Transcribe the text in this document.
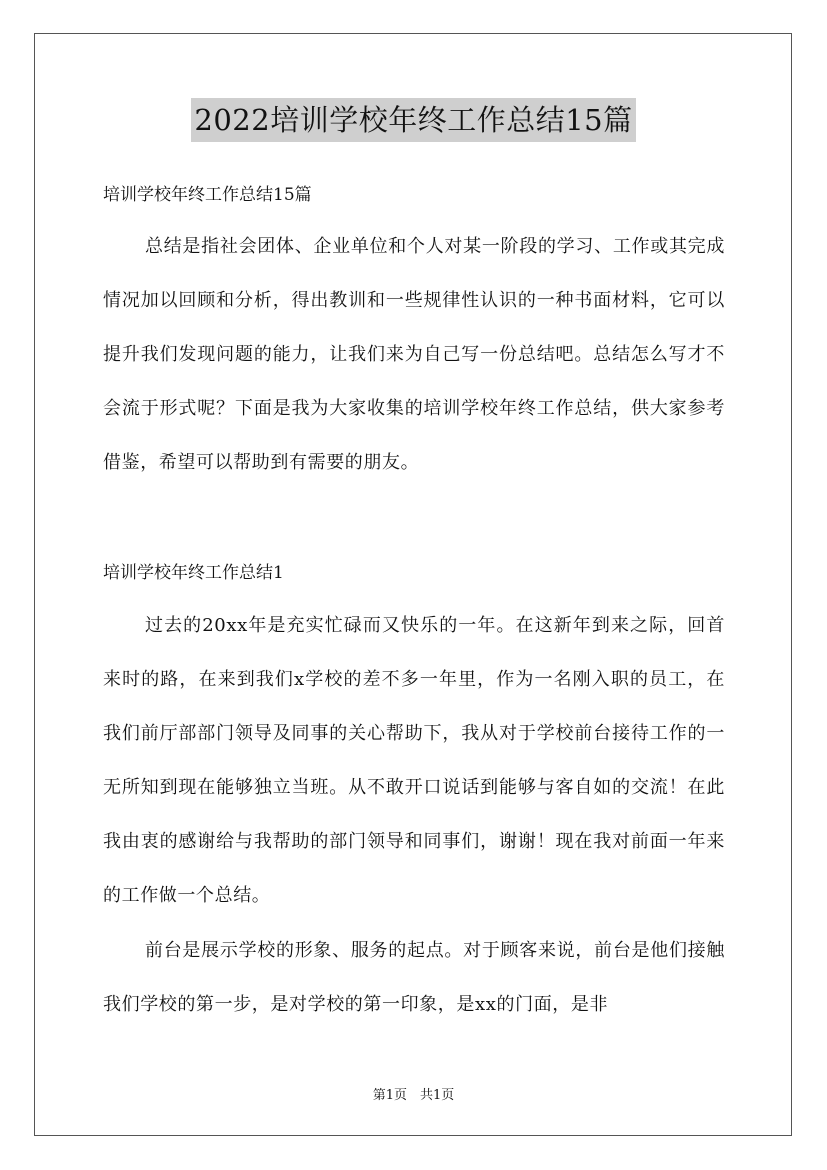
2022培训学校年终工作总结15篇
培训学校年终工作总结15篇

总结是指社会团体、企业单位和个人对某一阶段的学习、工作或其完成情况加以回顾和分析，得出教训和一些规律性认识的一种书面材料，它可以提升我们发现问题的能力，让我们来为自己写一份总结吧。总结怎么写才不会流于形式呢？下面是我为大家收集的培训学校年终工作总结，供大家参考借鉴，希望可以帮助到有需要的朋友。

培训学校年终工作总结1

过去的20xx年是充实忙碌而又快乐的一年。在这新年到来之际，回首来时的路，在来到我们x学校的差不多一年里，作为一名刚入职的员工，在我们前厅部部门领导及同事的关心帮助下，我从对于学校前台接待工作的一无所知到现在能够独立当班。从不敢开口说话到能够与客自如的交流！在此我由衷的感谢给与我帮助的部门领导和同事们，谢谢！现在我对前面一年来的工作做一个总结。

前台是展示学校的形象、服务的起点。对于顾客来说，前台是他们接触我们学校的第一步，是对学校的第一印象，是xx的门面，是非

第1页　共1页
